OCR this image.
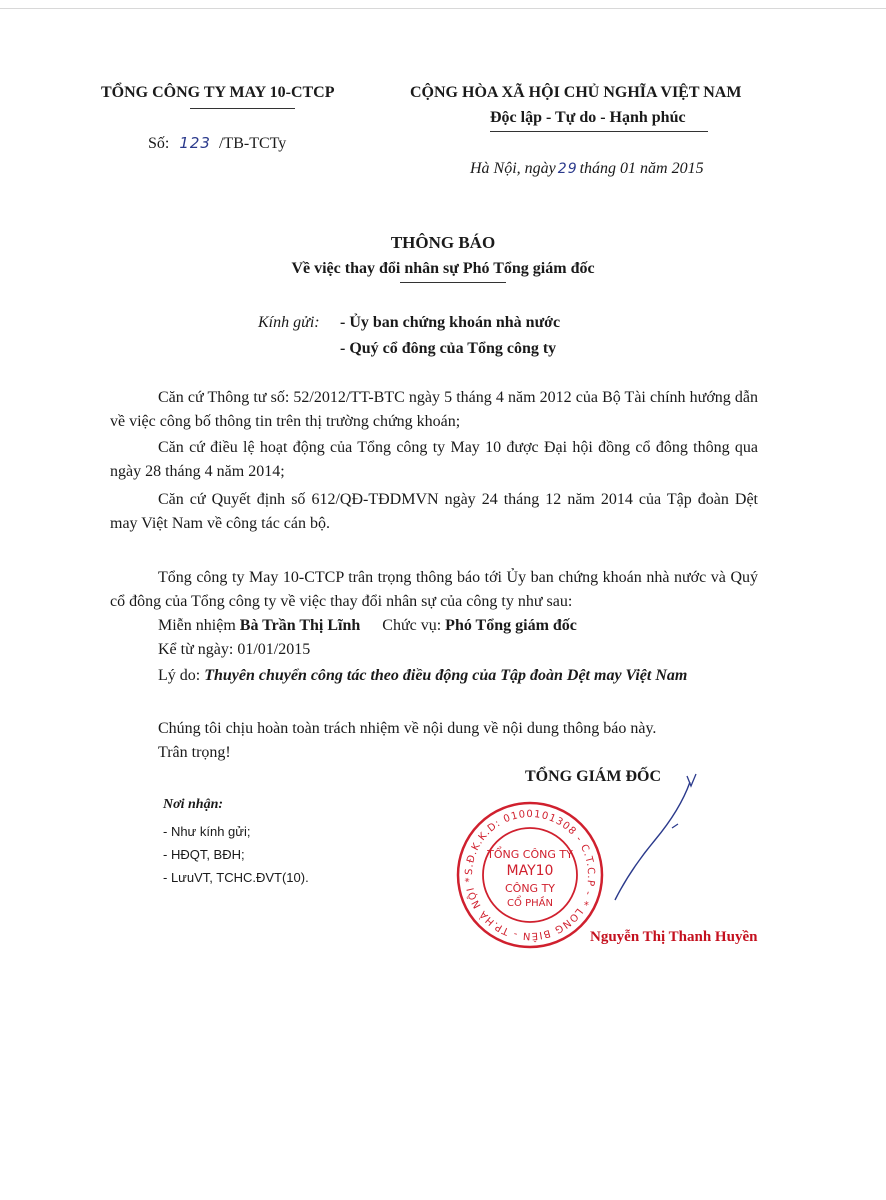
TỔNG CÔNG TY MAY 10-CTCP
Số: 123 /TB-TCTy
CỘNG HÒA XÃ HỘI CHỦ NGHĨA VIỆT NAM
Độc lập - Tự do - Hạnh phúc
Hà Nội, ngày 29 tháng 01 năm 2015
THÔNG BÁO
Về việc thay đổi nhân sự Phó Tổng giám đốc
Kính gửi: - Ủy ban chứng khoán nhà nước
- Quý cổ đông của Tổng công ty
Căn cứ Thông tư số: 52/2012/TT-BTC ngày 5 tháng 4 năm 2012 của Bộ Tài chính hướng dẫn về việc công bố thông tin trên thị trường chứng khoán;
Căn cứ điều lệ hoạt động của Tổng công ty May 10 được Đại hội đồng cổ đông thông qua ngày 28 tháng 4 năm 2014;
Căn cứ Quyết định số 612/QĐ-TĐDMVN ngày 24 tháng 12 năm 2014 của Tập đoàn Dệt may Việt Nam về công tác cán bộ.
Tổng công ty May 10-CTCP trân trọng thông báo tới Ủy ban chứng khoán nhà nước và Quý cổ đông của Tổng công ty về việc thay đổi nhân sự của công ty như sau:
Miễn nhiệm Bà Trần Thị Lĩnh Chức vụ: Phó Tổng giám đốc
Kể từ ngày: 01/01/2015
Lý do: Thuyên chuyển công tác theo điều động của Tập đoàn Dệt may Việt Nam
Chúng tôi chịu hoàn toàn trách nhiệm về nội dung về nội dung thông báo này.
Trân trọng!
TỔNG GIÁM ĐỐC
S.Đ.K.K.D: 0100101308 - C.T.C.P - * LONG BIÊN - TP.HÀ NỘI *
TỔNG CÔNG TY
MAY10
CÔNG TY
CỔ PHẦN
Nguyễn Thị Thanh Huyền
Nơi nhận:
- Như kính gửi;
- HĐQT, BĐH;
- LưuVT, TCHC.ĐVT(10).
